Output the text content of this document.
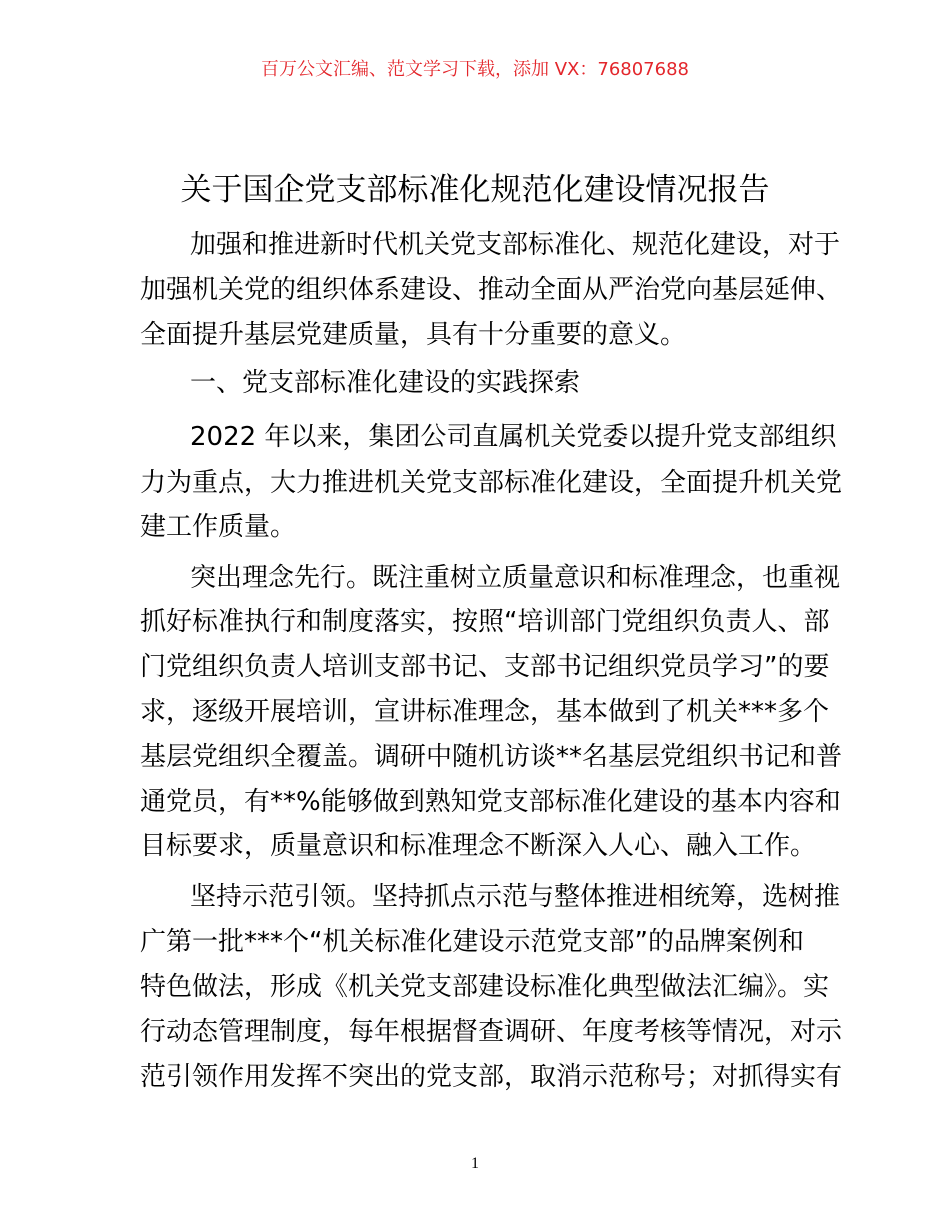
百万公文汇编、范文学习下载，添加 VX：76807688
关于国企党支部标准化规范化建设情况报告
加强和推进新时代机关党支部标准化、规范化建设，对于
加强机关党的组织体系建设、推动全面从严治党向基层延伸、
全面提升基层党建质量，具有十分重要的意义。
一、党支部标准化建设的实践探索
2022 年以来，集团公司直属机关党委以提升党支部组织
力为重点，大力推进机关党支部标准化建设，全面提升机关党
建工作质量。
突出理念先行。既注重树立质量意识和标准理念，也重视
抓好标准执行和制度落实，按照“培训部门党组织负责人、部
门党组织负责人培训支部书记、支部书记组织党员学习”的要
求，逐级开展培训，宣讲标准理念，基本做到了机关***多个
基层党组织全覆盖。调研中随机访谈**名基层党组织书记和普
通党员，有**%能够做到熟知党支部标准化建设的基本内容和
目标要求，质量意识和标准理念不断深入人心、融入工作。
坚持示范引领。坚持抓点示范与整体推进相统筹，选树推
广第一批***个“机关标准化建设示范党支部”的品牌案例和
特色做法，形成《机关党支部建设标准化典型做法汇编》。实
行动态管理制度，每年根据督查调研、年度考核等情况，对示
范引领作用发挥不突出的党支部，取消示范称号；对抓得实有
1
